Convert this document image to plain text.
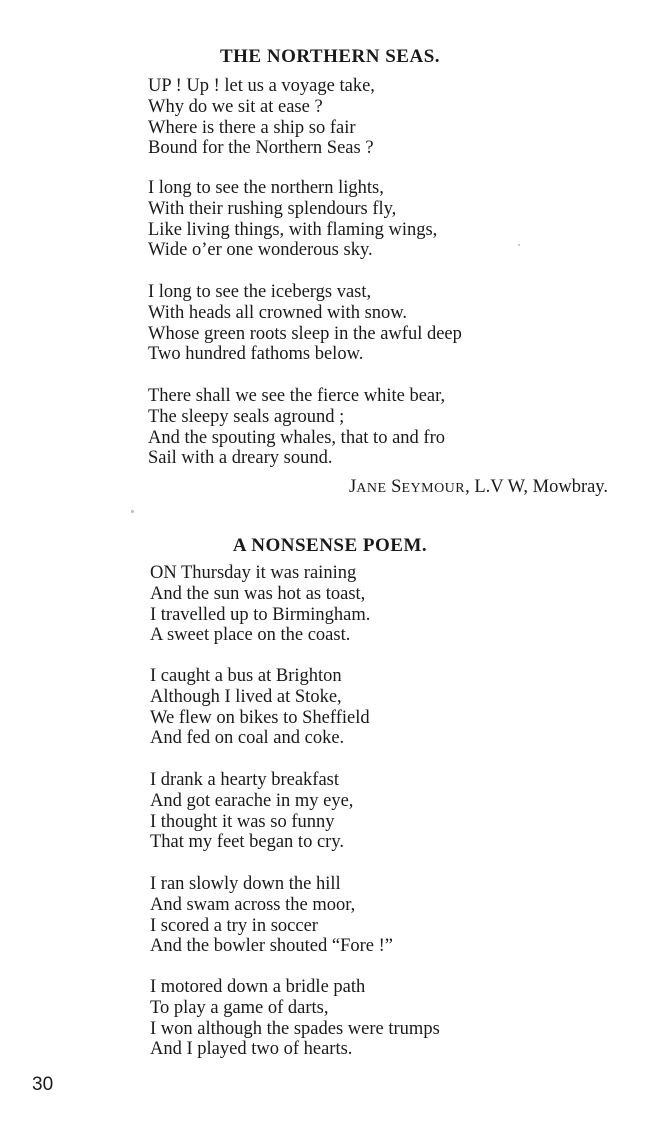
THE NORTHERN SEAS.
UP ! Up ! let us a voyage take,
Why do we sit at ease ?
Where is there a ship so fair
Bound for the Northern Seas ?
I long to see the northern lights,
With their rushing splendours fly,
Like living things, with flaming wings,
Wide o’er one wonderous sky.
I long to see the icebergs vast,
With heads all crowned with snow.
Whose green roots sleep in the awful deep
Two hundred fathoms below.
There shall we see the fierce white bear,
The sleepy seals aground ;
And the spouting whales, that to and fro
Sail with a dreary sound.
JANE SEYMOUR, L.V W, Mowbray.
A NONSENSE POEM.
ON Thursday it was raining
And the sun was hot as toast,
I travelled up to Birmingham.
A sweet place on the coast.
I caught a bus at Brighton
Although I lived at Stoke,
We flew on bikes to Sheffield
And fed on coal and coke.
I drank a hearty breakfast
And got earache in my eye,
I thought it was so funny
That my feet began to cry.
I ran slowly down the hill
And swam across the moor,
I scored a try in soccer
And the bowler shouted “Fore !”
I motored down a bridle path
To play a game of darts,
I won although the spades were trumps
And I played two of hearts.
30
